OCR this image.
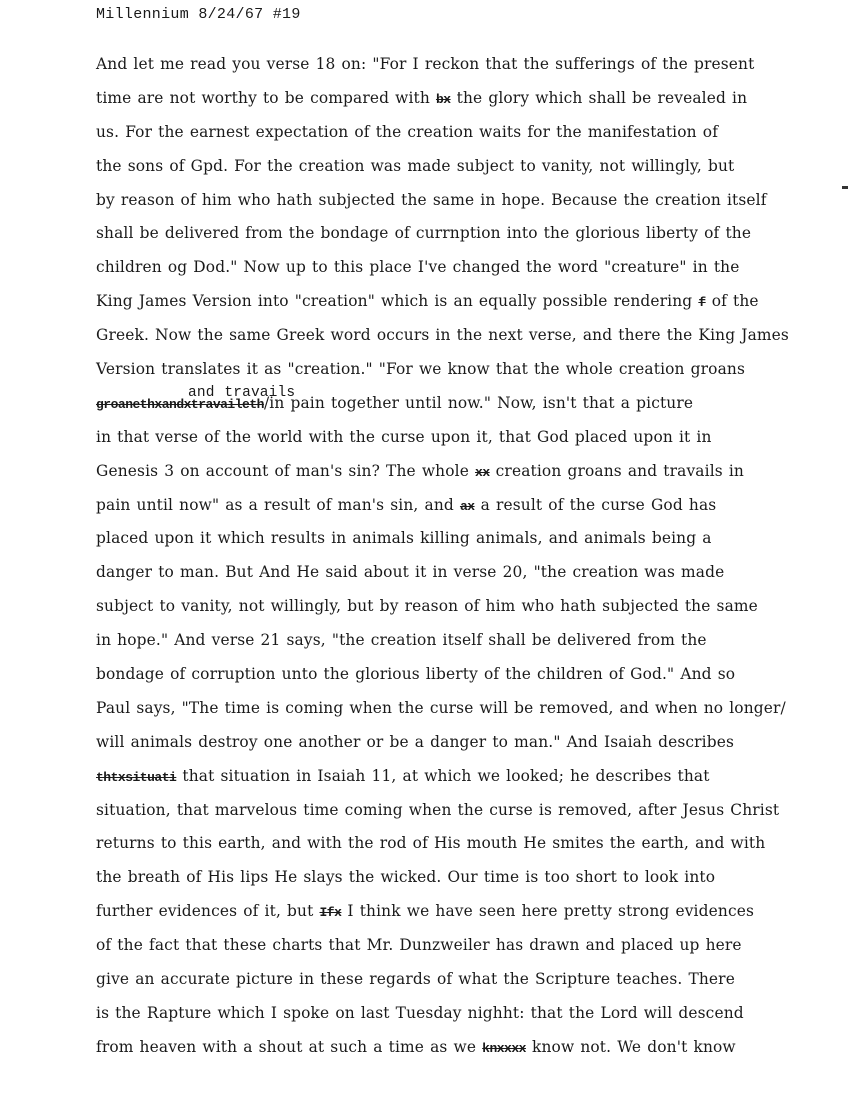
Millennium 8/24/67 #19
And let me read you verse 18 on: "For I reckon that the sufferings of the present
time are not worthy to be compared with bx the glory which shall be revealed in
us. For the earnest expectation of the creation waits for the manifestation of
the sons of Gpd. For the creation was made subject to vanity, not willingly, but
by reason of him who hath subjected the same in hope. Because the creation itself
shall be delivered from the bondage of currnption into the glorious liberty of the
children og Dod." Now up to this place I've changed the word "creature" in the
King James Version into "creation" which is an equally possible rendering f of the
Greek. Now the same Greek word occurs in the next verse, and there the King James
Version translates it as "creation." "For we know that the whole creation groans
and travails
groanethxandxtravaileth/in pain together until now." Now, isn't that a picture
in that verse of the world with the curse upon it, that God placed upon it in
Genesis 3 on account of man's sin? The whole xx creation groans and travails in
pain until now" as a result of man's sin, and ax a result of the curse God has
placed upon it which results in animals killing animals, and animals being a
danger to man. But And He said about it in verse 20, "the creation was made
subject to vanity, not willingly, but by reason of him who hath subjected the same
in hope." And verse 21 says, "the creation itself shall be delivered from the
bondage of corruption unto the glorious liberty of the children of God." And so
Paul says, "The time is coming when the curse will be removed, and when no longer/
will animals destroy one another or be a danger to man." And Isaiah describes
thtxsituati that situation in Isaiah 11, at which we looked; he describes that
situation, that marvelous time coming when the curse is removed, after Jesus Christ
returns to this earth, and with the rod of His mouth He smites the earth, and with
the breath of His lips He slays the wicked. Our time is too short to look into
further evidences of it, but Ifx I think we have seen here pretty strong evidences
of the fact that these charts that Mr. Dunzweiler has drawn and placed up here
give an accurate picture in these regards of what the Scripture teaches. There
is the Rapture which I spoke on last Tuesday nighht: that the Lord will descend
from heaven with a shout at such a time as we knxxxx know not. We don't know
